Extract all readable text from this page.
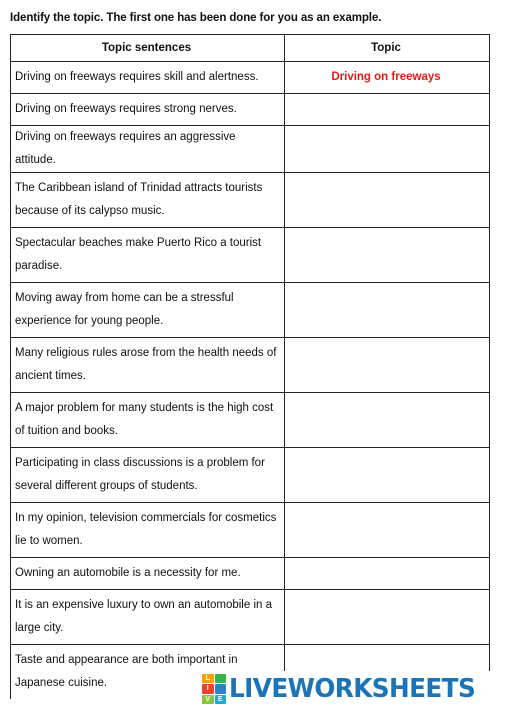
Identify the topic. The first one has been done for you as an example.
Topic sentences	Topic
Driving on freeways requires skill and alertness.	Driving on freeways
Driving on freeways requires strong nerves.	
Driving on freeways requires an aggressive attitude.	
The Caribbean island of Trinidad attracts tourists because of its calypso music.	
Spectacular beaches make Puerto Rico a tourist paradise.	
Moving away from home can be a stressful experience for young people.	
Many religious rules arose from the health needs of ancient times.	
A major problem for many students is the high cost of tuition and books.	
Participating in class discussions is a problem for several different groups of students.	
In my opinion, television commercials for cosmetics lie to women.	
Owning an automobile is a necessity for me.	
It is an expensive luxury to own an automobile in a large city.	
Taste and appearance are both important in Japanese cuisine.		L
I
V	E LIVEWORKSHEETS
